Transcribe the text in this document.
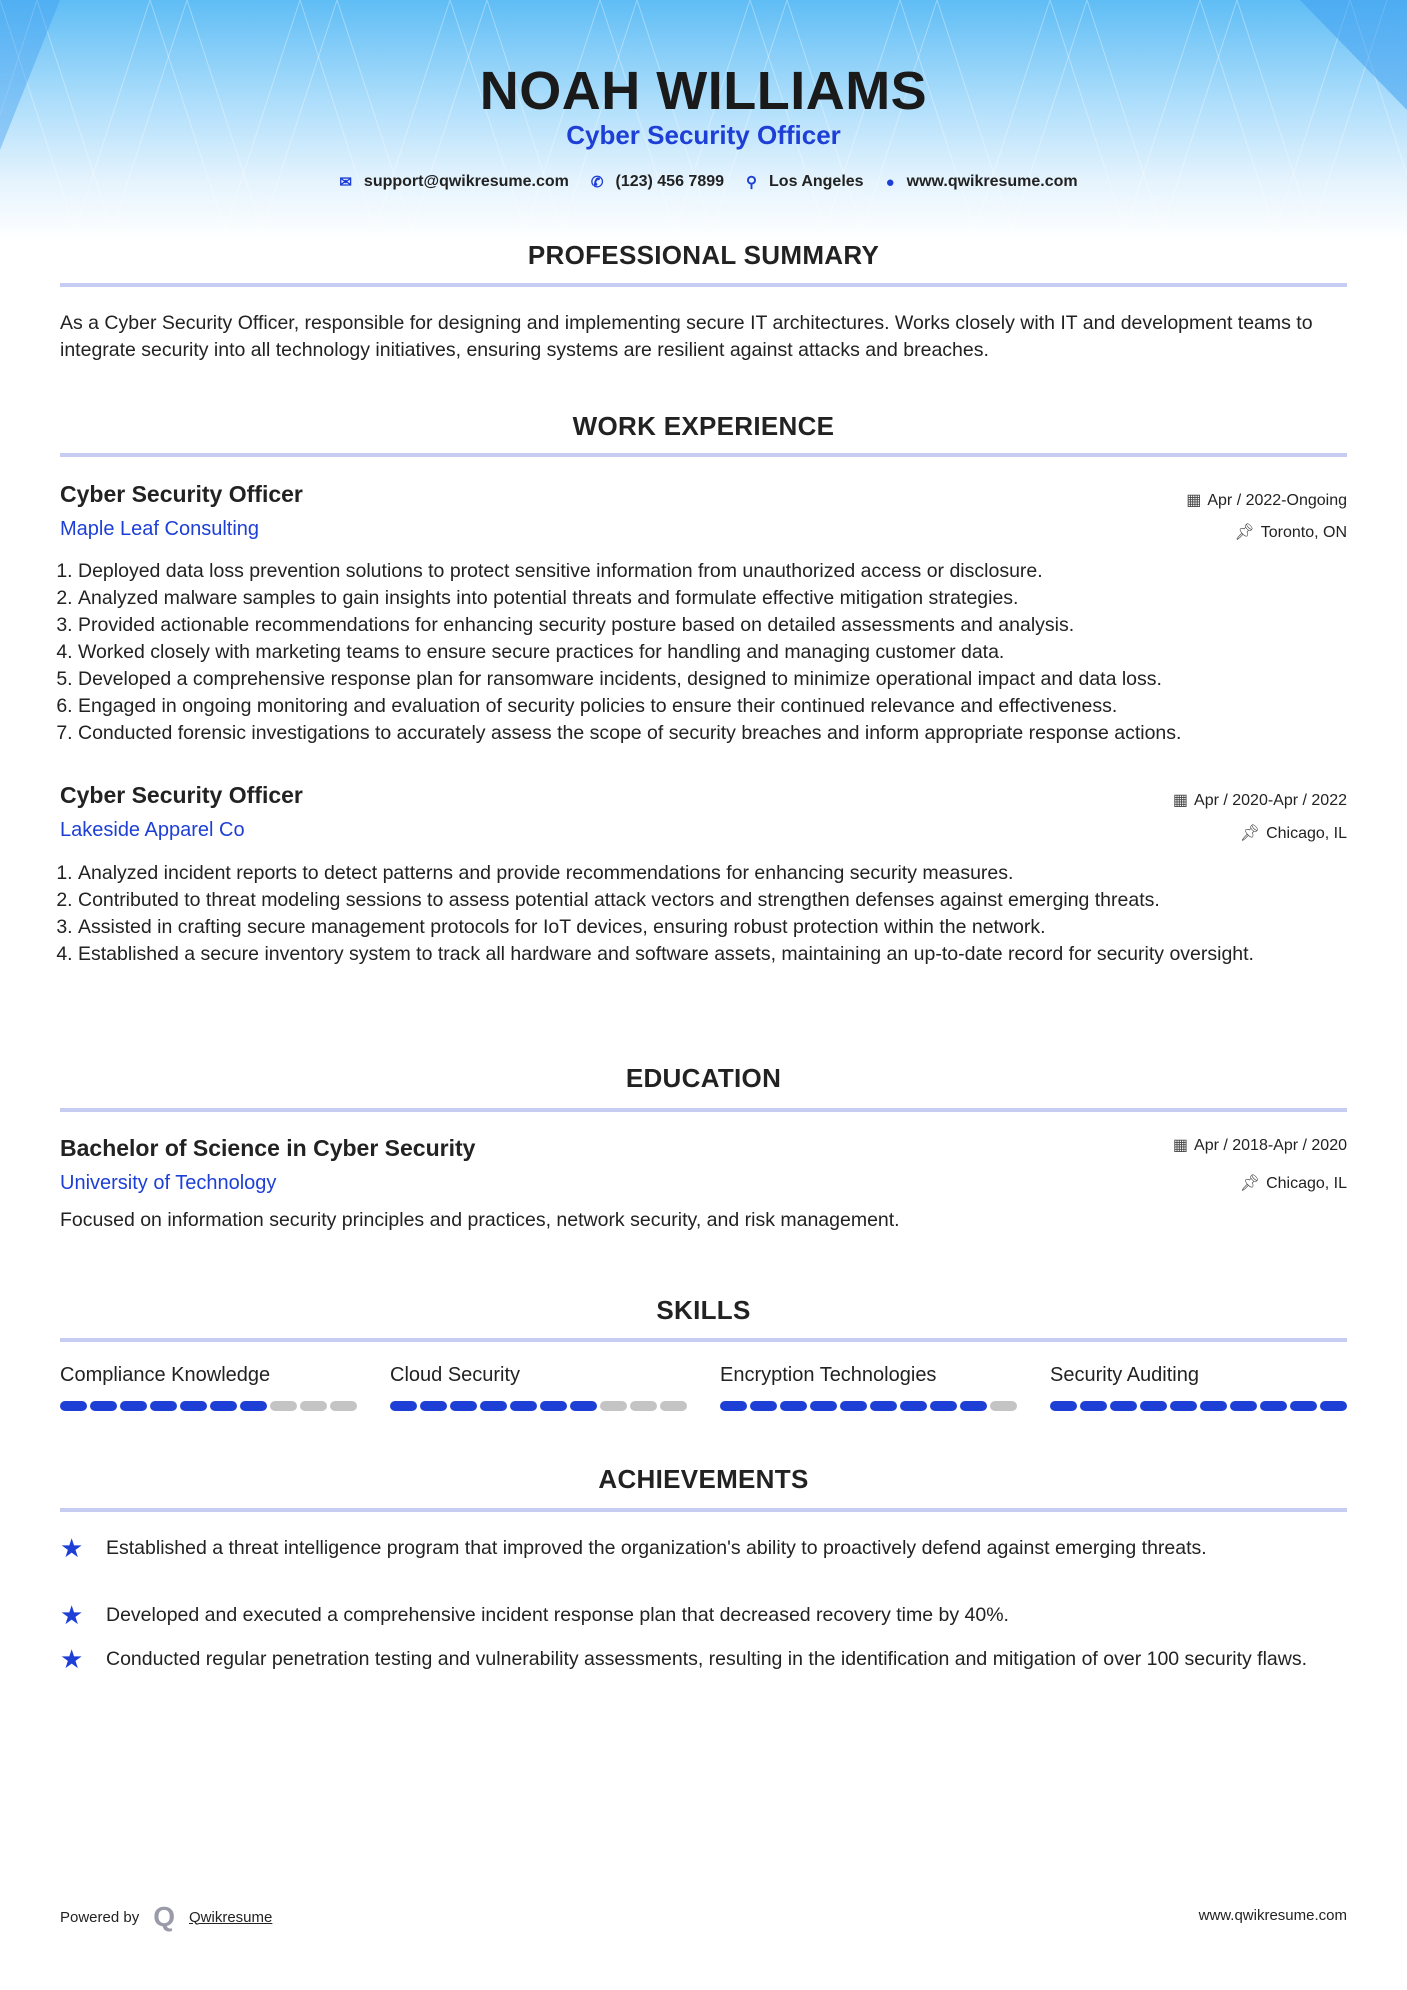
NOAH WILLIAMS
Cyber Security Officer
✉ support@qwikresume.com ✆ (123) 456 7899 ⚲ Los Angeles ● www.qwikresume.com
PROFESSIONAL SUMMARY
As a Cyber Security Officer, responsible for designing and implementing secure IT architectures. Works closely with IT and development teams to integrate security into all technology initiatives, ensuring systems are resilient against attacks and breaches.
WORK EXPERIENCE
Cyber Security Officer	▦ Apr / 2022-Ongoing
Maple Leaf Consulting	📌︎ Toronto, ON
1. Deployed data loss prevention solutions to protect sensitive information from unauthorized access or disclosure.
2. Analyzed malware samples to gain insights into potential threats and formulate effective mitigation strategies.
3. Provided actionable recommendations for enhancing security posture based on detailed assessments and analysis.
4. Worked closely with marketing teams to ensure secure practices for handling and managing customer data.
5. Developed a comprehensive response plan for ransomware incidents, designed to minimize operational impact and data loss.
6. Engaged in ongoing monitoring and evaluation of security policies to ensure their continued relevance and effectiveness.
7. Conducted forensic investigations to accurately assess the scope of security breaches and inform appropriate response actions.
Cyber Security Officer	▦ Apr / 2020-Apr / 2022
Lakeside Apparel Co	📌︎ Chicago, IL
1. Analyzed incident reports to detect patterns and provide recommendations for enhancing security measures.
2. Contributed to threat modeling sessions to assess potential attack vectors and strengthen defenses against emerging threats.
3. Assisted in crafting secure management protocols for IoT devices, ensuring robust protection within the network.
4. Established a secure inventory system to track all hardware and software assets, maintaining an up-to-date record for security oversight.
EDUCATION
Bachelor of Science in Cyber Security	▦ Apr / 2018-Apr / 2020
University of Technology	📌︎ Chicago, IL
Focused on information security principles and practices, network security, and risk management.
SKILLS
Compliance Knowledge	Cloud Security	Encryption Technologies	Security Auditing
ACHIEVEMENTS
★	Established a threat intelligence program that improved the organization's ability to proactively defend against emerging threats.
★	Developed and executed a comprehensive incident response plan that decreased recovery time by 40%.
★	Conducted regular penetration testing and vulnerability assessments, resulting in the identification and mitigation of over 100 security flaws.
Powered by Q Qwikresume	www.qwikresume.com
